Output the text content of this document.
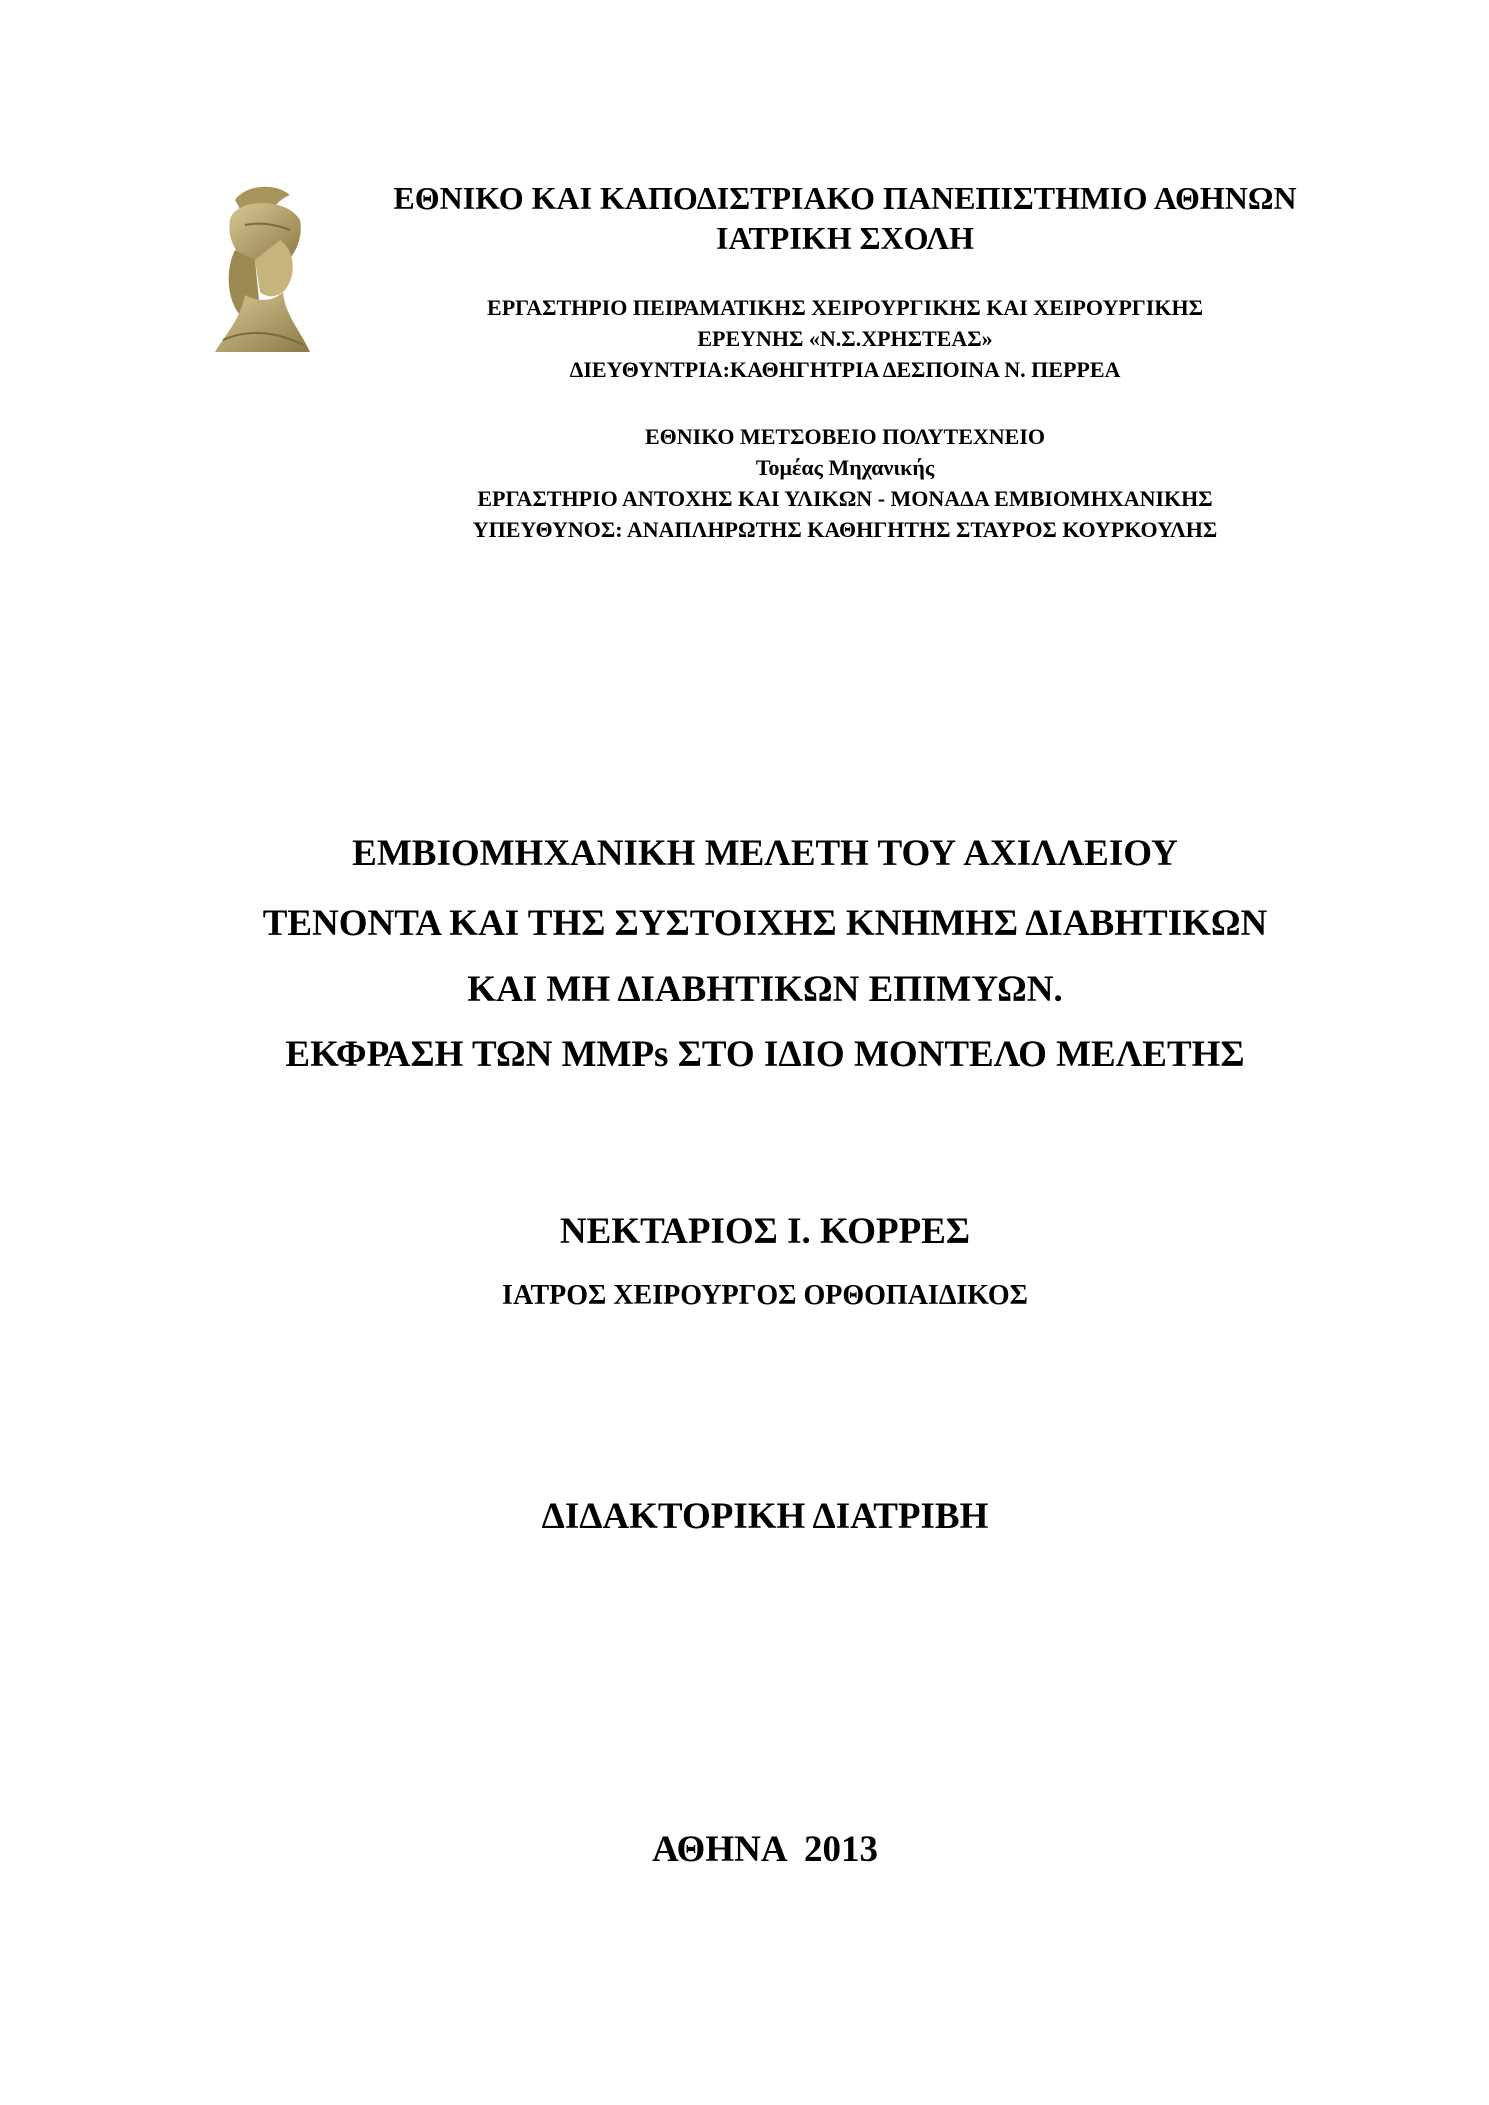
ΕΘΝΙΚΟ ΚΑΙ ΚΑΠΟΔΙΣΤΡΙΑΚΟ ΠΑΝΕΠΙΣΤΗΜΙΟ ΑΘΗΝΩΝ
ΙΑΤΡΙΚΗ ΣΧΟΛΗ
ΕΡΓΑΣΤΗΡΙΟ ΠΕΙΡΑΜΑΤΙΚΗΣ ΧΕΙΡΟΥΡΓΙΚΗΣ ΚΑΙ ΧΕΙΡΟΥΡΓΙΚΗΣ
ΕΡΕΥΝΗΣ «Ν.Σ.ΧΡΗΣΤΕΑΣ»
ΔΙΕΥΘΥΝΤΡΙΑ:ΚΑΘΗΓΗΤΡΙΑ ΔΕΣΠΟΙΝΑ Ν. ΠΕΡΡΕΑ
ΕΘΝΙΚΟ ΜΕΤΣΟΒΕΙΟ ΠΟΛΥΤΕΧΝΕΙΟ
Τομέας Μηχανικής
ΕΡΓΑΣΤΗΡΙΟ ΑΝΤΟΧΗΣ ΚΑΙ ΥΛΙΚΩΝ - ΜΟΝΑΔΑ ΕΜΒΙΟΜΗΧΑΝΙΚΗΣ
ΥΠΕΥΘΥΝΟΣ: ΑΝΑΠΛΗΡΩΤΗΣ ΚΑΘΗΓΗΤΗΣ ΣΤΑΥΡΟΣ ΚΟΥΡΚΟΥΛΗΣ
ΕΜΒΙΟΜΗΧΑΝΙΚΗ ΜΕΛΕΤΗ ΤΟΥ ΑΧΙΛΛΕΙΟΥ
ΤΕΝΟΝΤΑ ΚΑΙ ΤΗΣ ΣΥΣΤΟΙΧΗΣ ΚΝΗΜΗΣ ΔΙΑΒΗΤΙΚΩΝ
ΚΑΙ ΜΗ ΔΙΑΒΗΤΙΚΩΝ ΕΠΙΜΥΩΝ.
ΕΚΦΡΑΣΗ ΤΩΝ MMPs ΣΤΟ ΙΔΙΟ ΜΟΝΤΕΛΟ ΜΕΛΕΤΗΣ
ΝΕΚΤΑΡΙΟΣ Ι. ΚΟΡΡΕΣ
ΙΑΤΡΟΣ ΧΕΙΡΟΥΡΓΟΣ ΟΡΘΟΠΑΙΔΙΚΟΣ
ΔΙΔΑΚΤΟΡΙΚΗ ΔΙΑΤΡΙΒΗ
ΑΘΗΝΑ  2013
